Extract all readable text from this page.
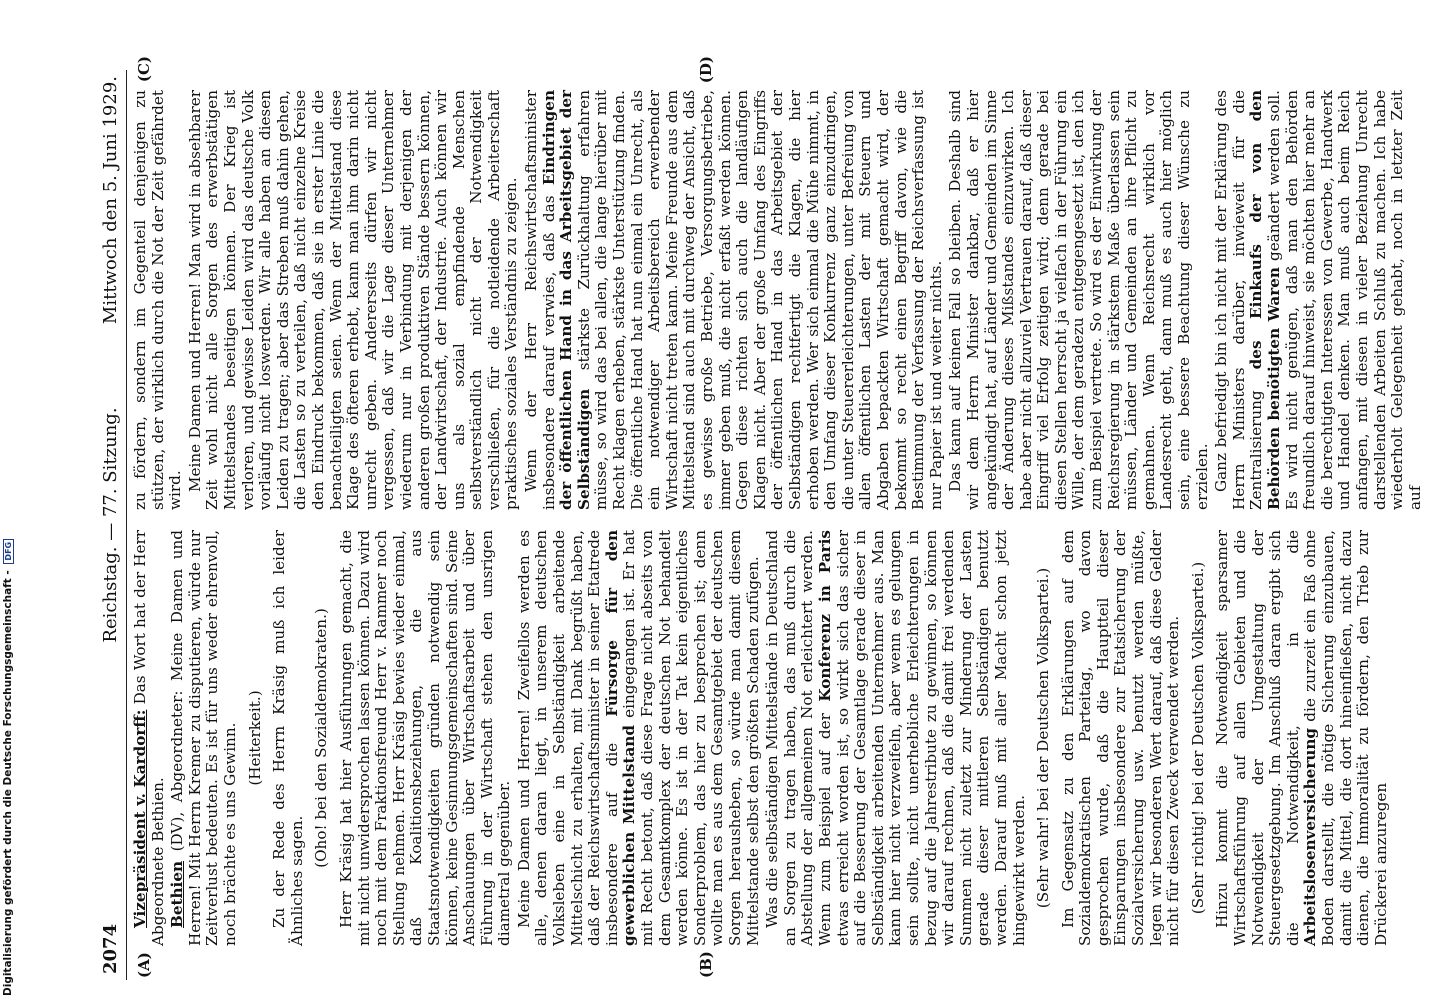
2074
Reichstag. — 77. Sitzung.
Mittwoch den 5. Juni 1929.
(A)	(B)
(C)	(D)

Vizepräsident v. Kardorff: Das Wort hat der Herr Abgeordnete Bethien. Bethien (DV), Abgeordneter: Meine Damen und Herren! Mit Herrn Kremer zu disputieren, würde nur Zeitverlust bedeuten. Es ist für uns weder ehrenvoll, noch brächte es uns Gewinn. (Heiterkeit.) Zu der Rede des Herrn Kräsig muß ich leider Ähnliches sagen.

(Oho! bei den Sozialdemokraten.) Herr Kräsig hat hier Ausführungen gemacht, die mit nicht unwidersprochen lassen können. Dazu wird noch mit dem Fraktionsfreund Herr v. Rammer noch Stellung nehmen. Herr Kräsig bewies wieder einmal, daß Koalitionsbeziehungen, die aus Staatsnotwendigkeiten gründen notwendig sein können, keine Gesinnungsgemeinschaften sind. Seine Anschauungen über Wirtschaftsarbeit und über Führung in der Wirtschaft stehen den unsrigen diametral gegenüber. Meine Damen und Herren! Zweifellos werden es alle, denen daran liegt, in unserem deutschen Volksleben eine in Selbständigkeit arbeitende Mittelschicht zu erhalten, mit Dank begrüßt haben, daß der Reichswirtschaftsminister in seiner Etatrede insbesondere auf die Fürsorge für den gewerblichen Mittelstand eingegangen ist. Er hat mit Recht betont, daß diese Frage nicht abseits von dem Gesamtkomplex der deutschen Not behandelt werden könne. Es ist in der Tat kein eigentliches Sonderproblem, das hier zu besprechen ist; denn wollte man es aus dem Gesamtgebiet der deutschen Sorgen herausheben, so würde man damit diesem Mittelstande selbst den größten Schaden zufügen. Was die selbständigen Mittelstände in Deutschland an Sorgen zu tragen haben, das muß durch die Abstellung der allgemeinen Not erleichtert werden. Wenn zum Beispiel auf der Konferenz in Paris etwas erreicht worden ist, so wirkt sich das sicher auf die Besserung der Gesamtlage gerade dieser in Selbständigkeit arbeitenden Unternehmer aus. Man kann hier nicht verzweifeln, aber wenn es gelungen sein sollte, nicht unerhebliche Erleichterungen in bezug auf die Jahrestribute zu gewinnen, so können wir darauf rechnen, daß die damit frei werdenden Summen nicht zuletzt zur Minderung der Lasten gerade dieser mittleren Selbständigen benutzt werden. Darauf muß mit aller Macht schon jetzt hingewirkt werden. (Sehr wahr! bei der Deutschen Volkspartei.) Im Gegensatz zu den Erklärungen auf dem Sozialdemokratischen Parteitag, wo davon gesprochen wurde, daß die Hauptteil dieser Einsparungen insbesondere zur Etatsicherung der Sozialversicherung usw. benutzt werden müßte, legen wir besonderen Wert darauf, daß diese Gelder nicht für diesen Zweck verwendet werden. (Sehr richtig! bei der Deutschen Volkspartei.) Hinzu kommt die Notwendigkeit sparsamer Wirtschaftsführung auf allen Gebieten und die Notwendigkeit der Umgestaltung der Steuergesetzgebung. Im Anschluß daran ergibt sich die Notwendigkeit, in die Arbeitslosenversicherung die zurzeit ein Faß ohne Boden darstellt, die nötige Sicherung einzubauen, damit die Mittel, die dort hineinfließen, nicht dazu dienen, die Immoralität zu fördern, den Trieb zur Drückerei anzuregen

zu fördern, sondern im Gegenteil denjenigen zu stützen, der wirklich durch die Not der Zeit gefährdet wird. Meine Damen und Herren! Man wird in absehbarer Zeit wohl nicht alle Sorgen des erwerbstätigen Mittelstandes beseitigen können. Der Krieg ist verloren, und gewisse Leiden wird das deutsche Volk vorläufig nicht loswerden. Wir alle haben an diesen Leiden zu tragen; aber das Streben muß dahin gehen, die Lasten so zu verteilen, daß nicht einzelne Kreise den Eindruck bekommen, daß sie in erster Linie die benachteiligten seien. Wenn der Mittelstand diese Klage des öfteren erhebt, kann man ihm darin nicht unrecht geben. Andererseits dürfen wir nicht vergessen, daß wir die Lage dieser Unternehmer wiederum nur in Verbindung mit derjenigen der anderen großen produktiven Stände bessern können, der Landwirtschaft, der Industrie. Auch können wir uns als sozial empfindende Menschen selbstverständlich nicht der Notwendigkeit verschließen, für die notleidende Arbeiterschaft praktisches soziales Verständnis zu zeigen. Wenn der Herr Reichswirtschaftsminister insbesondere darauf verwies, daß das Eindringen der öffentlichen Hand in das Arbeitsgebiet der Selbständigen stärkste Zurückhaltung erfahren müsse, so wird das bei allen, die lange hierüber mit Recht klagen erheben, stärkste Unterstützung finden. Die öffentliche Hand hat nun einmal ein Unrecht, als ein notwendiger Arbeitsbereich erwerbender Wirtschaft nicht treten kann. Meine Freunde aus dem Mittelstand sind auch mit durchweg der Ansicht, daß es gewisse große Betriebe, Versorgungsbetriebe, immer geben muß, die nicht erfaßt werden können. Gegen diese richten sich auch die landläufigen Klagen nicht. Aber der große Umfang des Eingriffs der öffentlichen Hand in das Arbeitsgebiet der Selbständigen rechtfertigt die Klagen, die hier erhoben werden. Wer sich einmal die Mühe nimmt, in den Umfang dieser Konkurrenz ganz einzudringen, die unter Steuererleichterungen, unter Befreiung von allen öffentlichen Lasten der mit Steuern und Abgaben bepackten Wirtschaft gemacht wird, der bekommt so recht einen Begriff davon, wie die Bestimmung der Verfassung der Reichsverfassung ist nur Papier ist und weiter nichts. Das kann auf keinen Fall so bleiben. Deshalb sind wir dem Herrn Minister dankbar, daß er hier angekündigt hat, auf Länder und Gemeinden im Sinne der Änderung dieses Mißstandes einzuwirken. Ich habe aber nicht allzuviel Vertrauen darauf, daß dieser Eingriff viel Erfolg zeitigen wird; denn gerade bei diesen Stellen herrscht ja vielfach in der Führung ein Wille, der dem geradezu entgegengesetzt ist, den ich zum Beispiel vertrete. So wird es der Einwirkung der Reichsregierung in stärkstem Maße überlassen sein müssen, Länder und Gemeinden an ihre Pflicht zu gemahnen. Wenn Reichsrecht wirklich vor Landesrecht geht, dann muß es auch hier möglich sein, eine bessere Beachtung dieser Wünsche zu erzielen. Ganz befriedigt bin ich nicht mit der Erklärung des Herrn Ministers darüber, inwieweit für die Zentralisierung des Einkaufs der von den Behörden benötigten Waren geändert werden soll. Es wird nicht genügen, daß man den Behörden freundlich darauf hinweist, sie möchten hier mehr an die berechtigten Interessen von Gewerbe, Handwerk und Handel denken. Man muß auch beim Reich anfangen, mit diesen in vieler Beziehung Unrecht darstellenden Arbeiten Schluß zu machen. Ich habe wiederholt Gelegenheit gehabt, noch in letzter Zeit auf

Digitalisierung gefördert durch die Deutsche Forschungsgemeinschaft - DFG
